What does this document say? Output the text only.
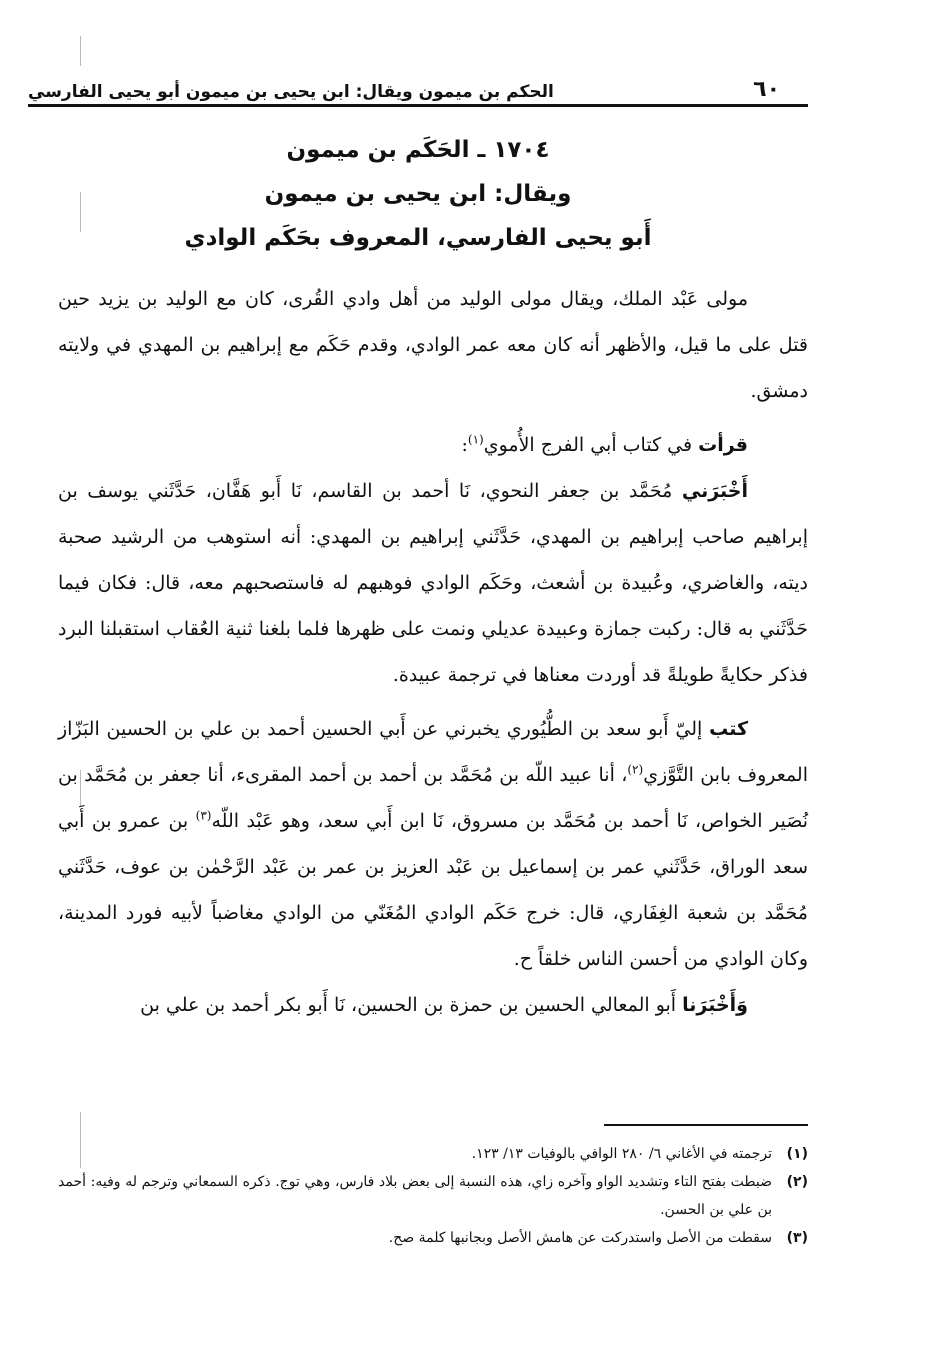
٦٠
الحكم بن ميمون ويقال: ابن يحيى بن ميمون أبو يحيى الفارسي
١٧٠٤ ـ الحَكَم بن ميمون
ويقال: ابن يحيى بن ميمون
أَبو يحيى الفارسي، المعروف بحَكَم الوادي

مولى عَبْد الملك، ويقال مولى الوليد من أهل وادي القُرى، كان مع الوليد بن يزيد حين قتل على ما قيل، والأظهر أنه كان معه عمر الوادي، وقدم حَكَم مع إبراهيم بن المهدي في ولايته دمشق.

قرأت في كتاب أبي الفرج الأُموي$^{(١)}$:

أَخْبَرَني مُحَمَّد بن جعفر النحوي، نَا أحمد بن القاسم، نَا أَبو هَفَّان، حَدَّثَني يوسف بن إبراهيم صاحب إبراهيم بن المهدي، حَدَّثَني إبراهيم بن المهدي: أنه استوهب من الرشيد صحبة ديته، والغاضري، وعُبيدة بن أشعث، وحَكَم الوادي فوهبهم له فاستصحبهم معه، قال: فكان فيما حَدَّثَني به قال: ركبت جمازة وعبيدة عديلي ونمت على ظهرها فلما بلغنا ثنية العُقاب استقبلنا البرد فذكر حكايةً طويلةً قد أوردت معناها في ترجمة عبيدة.

كتب إليّ أَبو سعد بن الطُّيُوري يخبرني عن أَبي الحسين أحمد بن علي بن الحسين البَزّاز المعروف بابن التَّوَّزي$^{(٢)}$، أنا عبيد اللّه بن مُحَمَّد بن أحمد بن أحمد المقرىء، أنا جعفر بن مُحَمَّد بن نُصَير الخواص، نَا أحمد بن مُحَمَّد بن مسروق، نَا ابن أَبي سعد، وهو عَبْد اللّه$^{(٣)}$ بن عمرو بن أَبي سعد الوراق، حَدَّثَني عمر بن إسماعيل بن عَبْد العزيز بن عمر بن عَبْد الرَّحْمٰن بن عوف، حَدَّثَني مُحَمَّد بن شعبة الغِفَاري، قال: خرج حَكَم الوادي المُغَنّي من الوادي مغاضباً لأبيه فورد المدينة، وكان الوادي من أحسن الناس خلقاً ح.

وَأَخْبَرَنا أَبو المعالي الحسين بن حمزة بن الحسين، نَا أَبو بكر أحمد بن علي بن

(١)
ترجمته في الأغاني ٦/ ٢٨٠ الوافي بالوفيات ١٣/ ١٢٣.
(٢)
ضبطت بفتح التاء وتشديد الواو وآخره زاي، هذه النسبة إلى بعض بلاد فارس، وهي توج. ذكره السمعاني وترجم له وفيه: أحمد بن علي بن الحسن.
(٣)
سقطت من الأصل واستدركت عن هامش الأصل وبجانبها كلمة صح.
